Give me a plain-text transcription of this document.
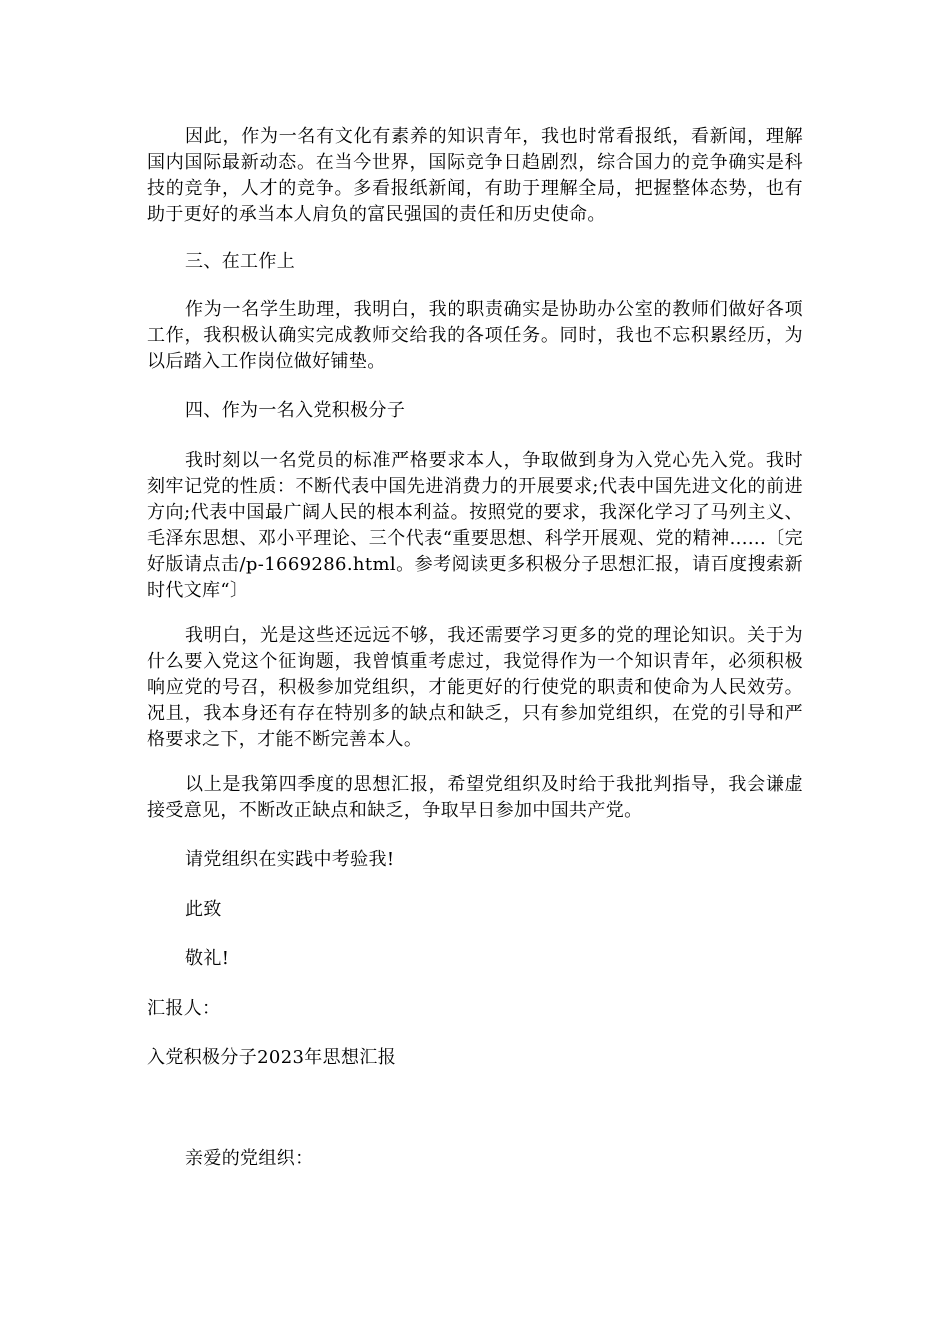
因此，作为一名有文化有素养的知识青年，我也时常看报纸，看新闻，理解国内国际最新动态。在当今世界，国际竞争日趋剧烈，综合国力的竞争确实是科技的竞争，人才的竞争。多看报纸新闻，有助于理解全局，把握整体态势，也有助于更好的承当本人肩负的富民强国的责任和历史使命。

三、在工作上

作为一名学生助理，我明白，我的职责确实是协助办公室的教师们做好各项工作，我积极认确实完成教师交给我的各项任务。同时，我也不忘积累经历，为以后踏入工作岗位做好铺垫。

四、作为一名入党积极分子

我时刻以一名党员的标准严格要求本人，争取做到身为入党心先入党。我时刻牢记党的性质：不断代表中国先进消费力的开展要求;代表中国先进文化的前进方向;代表中国最广阔人民的根本利益。按照党的要求，我深化学习了马列主义、毛泽东思想、邓小平理论、三个代表“重要思想、科学开展观、党的精神......〔完好版请点击/p-1669286.html。参考阅读更多积极分子思想汇报，请百度搜索新时代文库“〕

我明白，光是这些还远远不够，我还需要学习更多的党的理论知识。关于为什么要入党这个征询题，我曾慎重考虑过，我觉得作为一个知识青年，必须积极响应党的号召，积极参加党组织，才能更好的行使党的职责和使命为人民效劳。况且，我本身还有存在特别多的缺点和缺乏，只有参加党组织，在党的引导和严格要求之下，才能不断完善本人。

以上是我第四季度的思想汇报，希望党组织及时给于我批判指导，我会谦虚接受意见，不断改正缺点和缺乏，争取早日参加中国共产党。

请党组织在实践中考验我!

此致

敬礼!

汇报人：

入党积极分子2023年思想汇报

亲爱的党组织：
